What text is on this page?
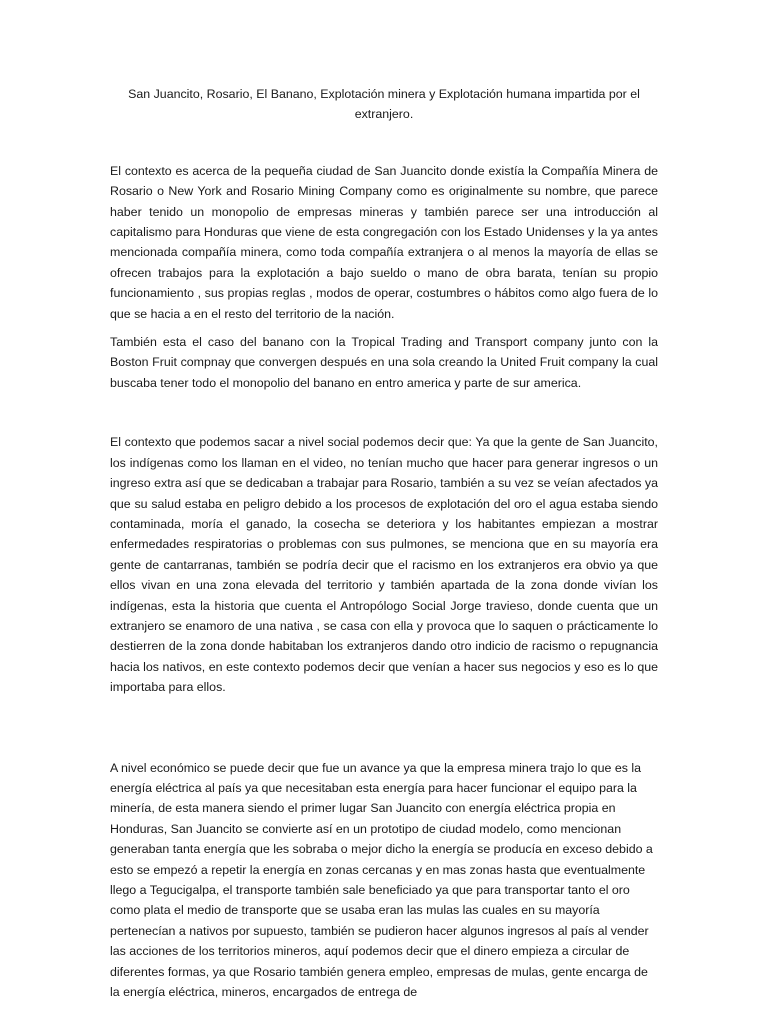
San Juancito, Rosario, El Banano, Explotación minera y Explotación humana impartida por el extranjero.

El contexto es acerca de la pequeña ciudad de San Juancito donde existía la Compañía Minera de Rosario o New York and Rosario Mining Company como es originalmente su nombre, que parece haber tenido un monopolio de empresas mineras y también parece ser una introducción al capitalismo para Honduras que viene de esta congregación con los Estado Unidenses y la ya antes mencionada compañía minera, como toda compañía extranjera o al menos la mayoría de ellas se ofrecen trabajos para la explotación a bajo sueldo o mano de obra barata, tenían su propio funcionamiento , sus propias reglas , modos de operar, costumbres o hábitos como algo fuera de lo que se hacia a en el resto del territorio de la nación.

También esta el caso del banano con la Tropical Trading and Transport company junto con la Boston Fruit compnay que convergen después en una sola creando la United Fruit company la cual buscaba tener todo el monopolio del banano en entro america y parte de sur america.

El contexto que podemos sacar a nivel social podemos decir que: Ya que la gente de San Juancito, los indígenas como los llaman en el video, no tenían mucho que hacer para generar ingresos o un ingreso extra así que se dedicaban a trabajar para Rosario, también a su vez se veían afectados ya que su salud estaba en peligro debido a los procesos de explotación del oro el agua estaba siendo contaminada, moría el ganado, la cosecha se deteriora y los habitantes empiezan a mostrar enfermedades respiratorias o problemas con sus pulmones, se menciona que en su mayoría era gente de cantarranas, también se podría decir que el racismo en los extranjeros era obvio ya que ellos vivan en una zona elevada del territorio y también apartada de la zona donde vivían los indígenas, esta la historia que cuenta el Antropólogo Social Jorge travieso, donde cuenta que un extranjero se enamoro de una nativa , se casa con ella y provoca que lo saquen o prácticamente lo destierren de la zona donde habitaban los extranjeros dando otro indicio de racismo o repugnancia hacia los nativos, en este contexto podemos decir que venían a hacer sus negocios y eso es lo que importaba para ellos.

A nivel económico se puede decir que fue un avance ya que la empresa minera trajo lo que es la energía eléctrica al país ya que necesitaban esta energía para hacer funcionar el equipo para la minería, de esta manera siendo el primer lugar San Juancito con energía eléctrica propia en Honduras, San Juancito se convierte así en un prototipo de ciudad modelo, como mencionan generaban tanta energía que les sobraba o mejor dicho la energía se producía en exceso debido a esto se empezó a repetir la energía en zonas cercanas y en mas zonas hasta que eventualmente llego a Tegucigalpa, el transporte también sale beneficiado ya que para transportar tanto el oro como plata el medio de transporte que se usaba eran las mulas las cuales en su mayoría pertenecían a nativos por supuesto, también se pudieron hacer algunos ingresos al país al vender las acciones de los territorios mineros, aquí podemos decir que el dinero empieza a circular de diferentes formas, ya que Rosario también genera empleo, empresas de mulas, gente encarga de la energía eléctrica, mineros, encargados de entrega de
